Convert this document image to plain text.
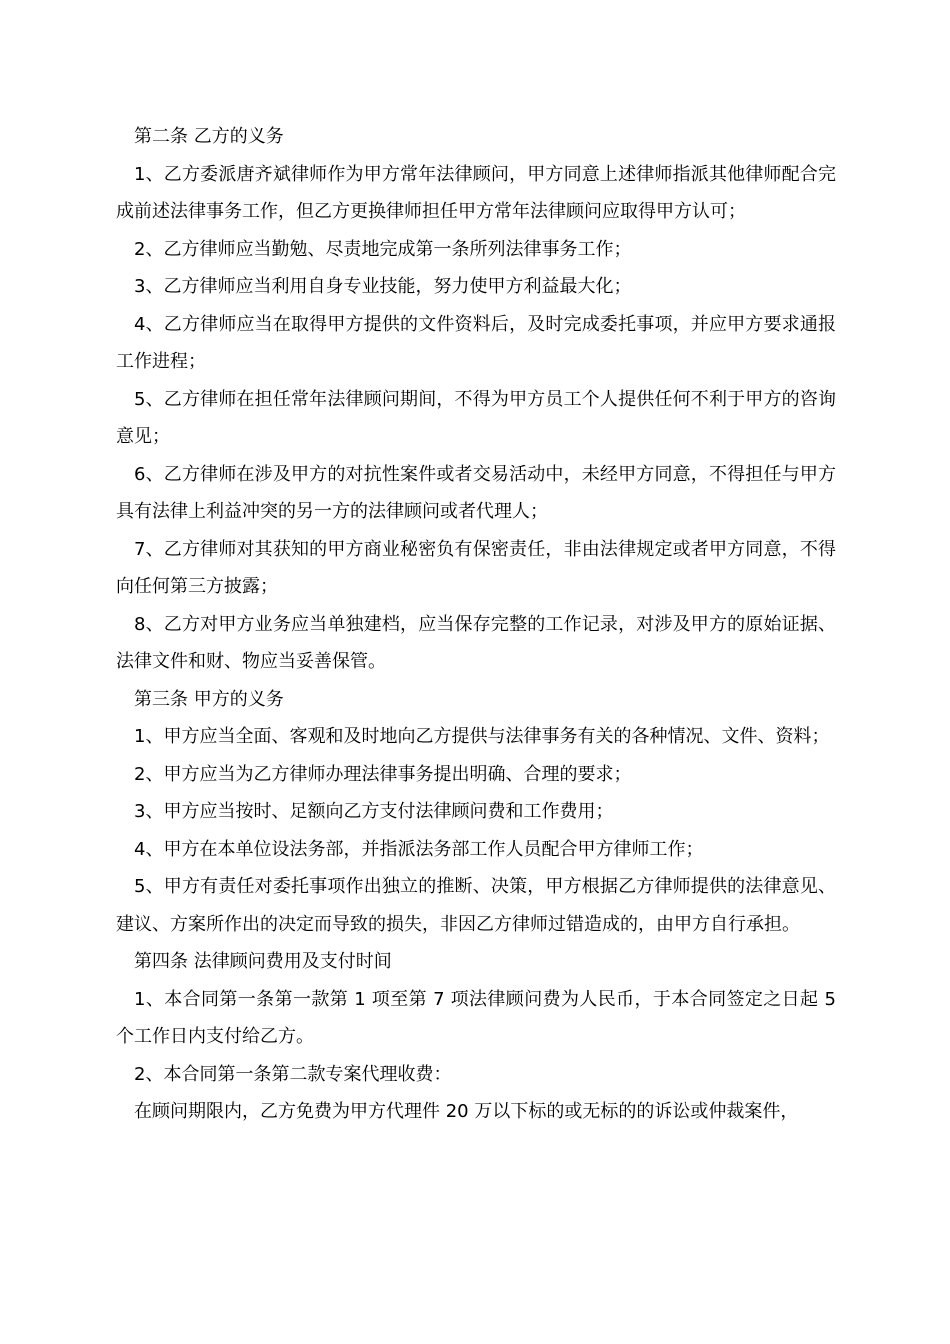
第二条 乙方的义务

1、乙方委派唐齐斌律师作为甲方常年法律顾问，甲方同意上述律师指派其他律师配合完成前述法律事务工作，但乙方更换律师担任甲方常年法律顾问应取得甲方认可；

2、乙方律师应当勤勉、尽责地完成第一条所列法律事务工作；

3、乙方律师应当利用自身专业技能，努力使甲方利益最大化；

4、乙方律师应当在取得甲方提供的文件资料后，及时完成委托事项，并应甲方要求通报工作进程；

5、乙方律师在担任常年法律顾问期间，不得为甲方员工个人提供任何不利于甲方的咨询意见；

6、乙方律师在涉及甲方的对抗性案件或者交易活动中，未经甲方同意，不得担任与甲方具有法律上利益冲突的另一方的法律顾问或者代理人；

7、乙方律师对其获知的甲方商业秘密负有保密责任，非由法律规定或者甲方同意，不得向任何第三方披露；

8、乙方对甲方业务应当单独建档，应当保存完整的工作记录，对涉及甲方的原始证据、法律文件和财、物应当妥善保管。

第三条 甲方的义务

1、甲方应当全面、客观和及时地向乙方提供与法律事务有关的各种情况、文件、资料；

2、甲方应当为乙方律师办理法律事务提出明确、合理的要求；

3、甲方应当按时、足额向乙方支付法律顾问费和工作费用；

4、甲方在本单位设法务部，并指派法务部工作人员配合甲方律师工作；

5、甲方有责任对委托事项作出独立的推断、决策，甲方根据乙方律师提供的法律意见、建议、方案所作出的决定而导致的损失，非因乙方律师过错造成的，由甲方自行承担。

第四条 法律顾问费用及支付时间

1、本合同第一条第一款第 1 项至第 7 项法律顾问费为人民币，于本合同签定之日起 5 个工作日内支付给乙方。

2、本合同第一条第二款专案代理收费：

在顾问期限内，乙方免费为甲方代理件 20 万以下标的或无标的的诉讼或仲裁案件，
